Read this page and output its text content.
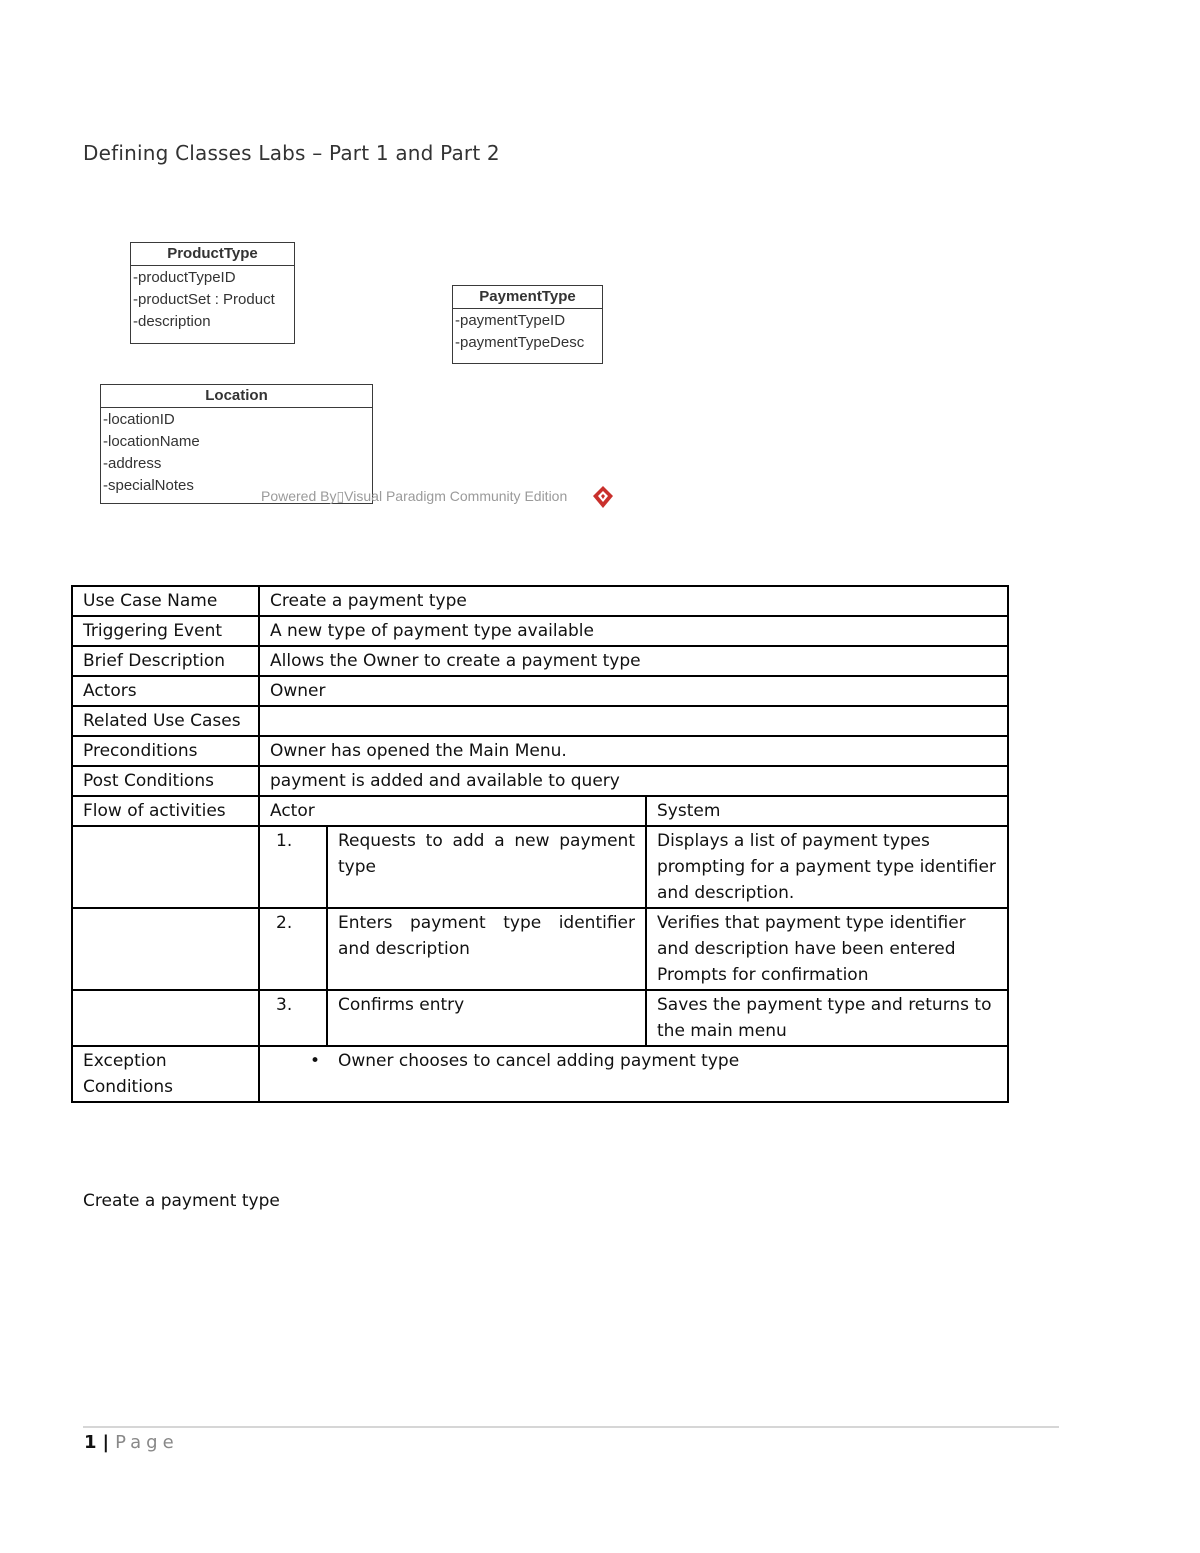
Defining Classes Labs – Part 1 and Part 2
ProductType
-productTypeID
-productSet : Product
-description
PaymentType
-paymentTypeID
-paymentTypeDesc
Location
-locationID
-locationName
-address
-specialNotes
Powered By▯Visual Paradigm Community Edition
Use Case Name	Create a payment type		
Triggering Event	A new type of payment type available		
Brief Description	Allows the Owner to create a payment type		
Actors	Owner		
Related Use Cases			
Preconditions	Owner has opened the Main Menu.		
Post Conditions	payment is added and available to query		
Flow of activities	Actor		System
	1.	Requests to add a new payment type	Displays a list of payment types prompting for a payment type identifier and description.
	2.	Enters payment type identifier and description	Verifies that payment type identifier and description have been entered Prompts for confirmation
	3.	Confirms entry	Saves the payment type and returns to the main menu
Exception Conditions	• Owner chooses to cancel adding payment type		
Create a payment type
1 | Page
